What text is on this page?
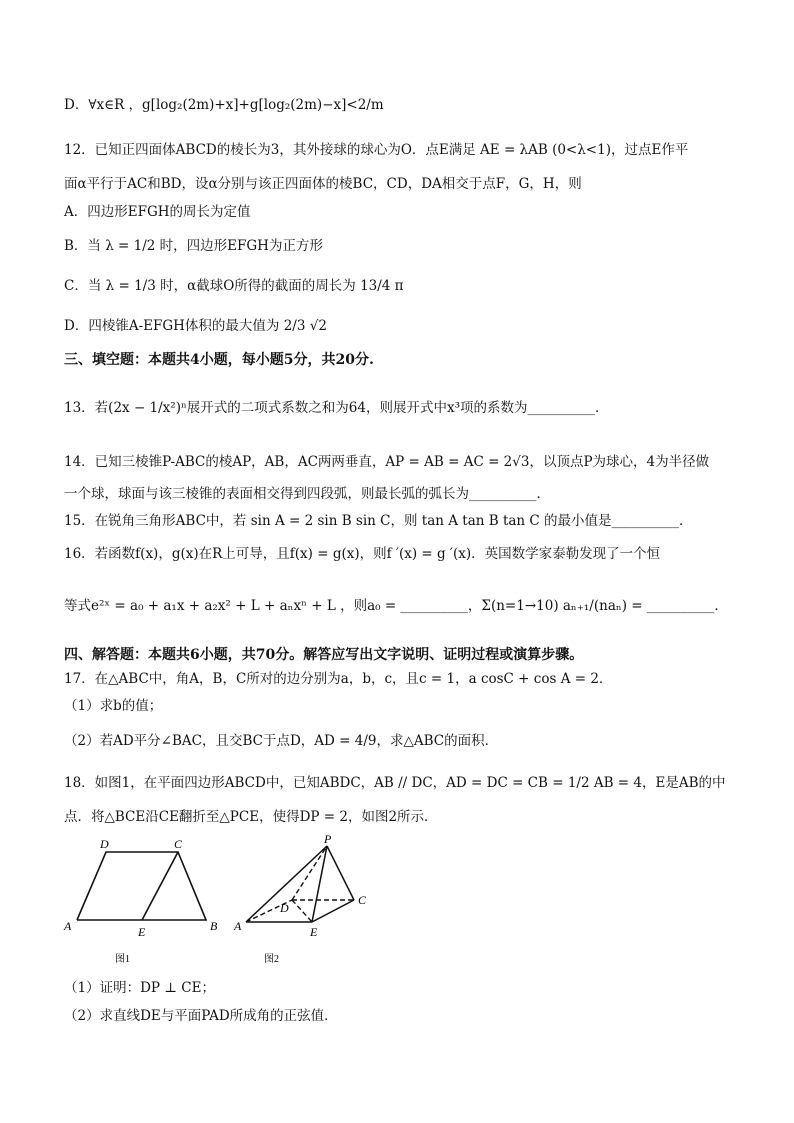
D．∀x∈R ，g[log₂(2m)+x]+g[log₂(2m)−x]<2/m
12．已知正四面体ABCD的棱长为3，其外接球的球心为O．点E满足 AE = λAB (0<λ<1)，过点E作平
面α平行于AC和BD，设α分别与该正四面体的棱BC，CD，DA相交于点F，G，H，则
A．四边形EFGH的周长为定值
B．当 λ = 1/2 时，四边形EFGH为正方形
C．当 λ = 1/3 时，α截球O所得的截面的周长为 13/4 π
D．四棱锥A-EFGH体积的最大值为 2/3 √2
三、填空题：本题共4小题，每小题5分，共20分.
13．若(2x − 1/x²)ⁿ展开式的二项式系数之和为64，则展开式中x³项的系数为__________．
14．已知三棱锥P-ABC的棱AP，AB，AC两两垂直，AP = AB = AC = 2√3，以顶点P为球心，4为半径做
一个球，球面与该三棱锥的表面相交得到四段弧，则最长弧的弧长为__________．
15．在锐角三角形ABC中，若 sin A = 2 sin B sin C，则 tan A tan B tan C 的最小值是__________．
16．若函数f(x)，g(x)在R上可导，且f(x) = g(x)，则f ′(x) = g ′(x)．英国数学家泰勒发现了一个恒
等式e²ˣ = a₀ + a₁x + a₂x² + L + aₙxⁿ + L ，则a₀ = __________，Σ(n=1→10) aₙ₊₁/(naₙ) = __________．
四、解答题：本题共6小题，共70分。解答应写出文字说明、证明过程或演算步骤。
17．在△ABC中，角A，B，C所对的边分别为a，b，c，且c = 1，a cosC + cos A = 2．
（1）求b的值；
（2）若AD平分∠BAC，且交BC于点D，AD = 4/9，求△ABC的面积．
18．如图1，在平面四边形ABCD中，已知ABDC，AB // DC，AD = DC = CB = 1/2 AB = 4，E是AB的中
点．将△BCE沿CE翻折至△PCE，使得DP = 2，如图2所示．
D	C
A	E	B
图1
P
D
C
A	E
图2
（1）证明：DP ⊥ CE；
（2）求直线DE与平面PAD所成角的正弦值．
